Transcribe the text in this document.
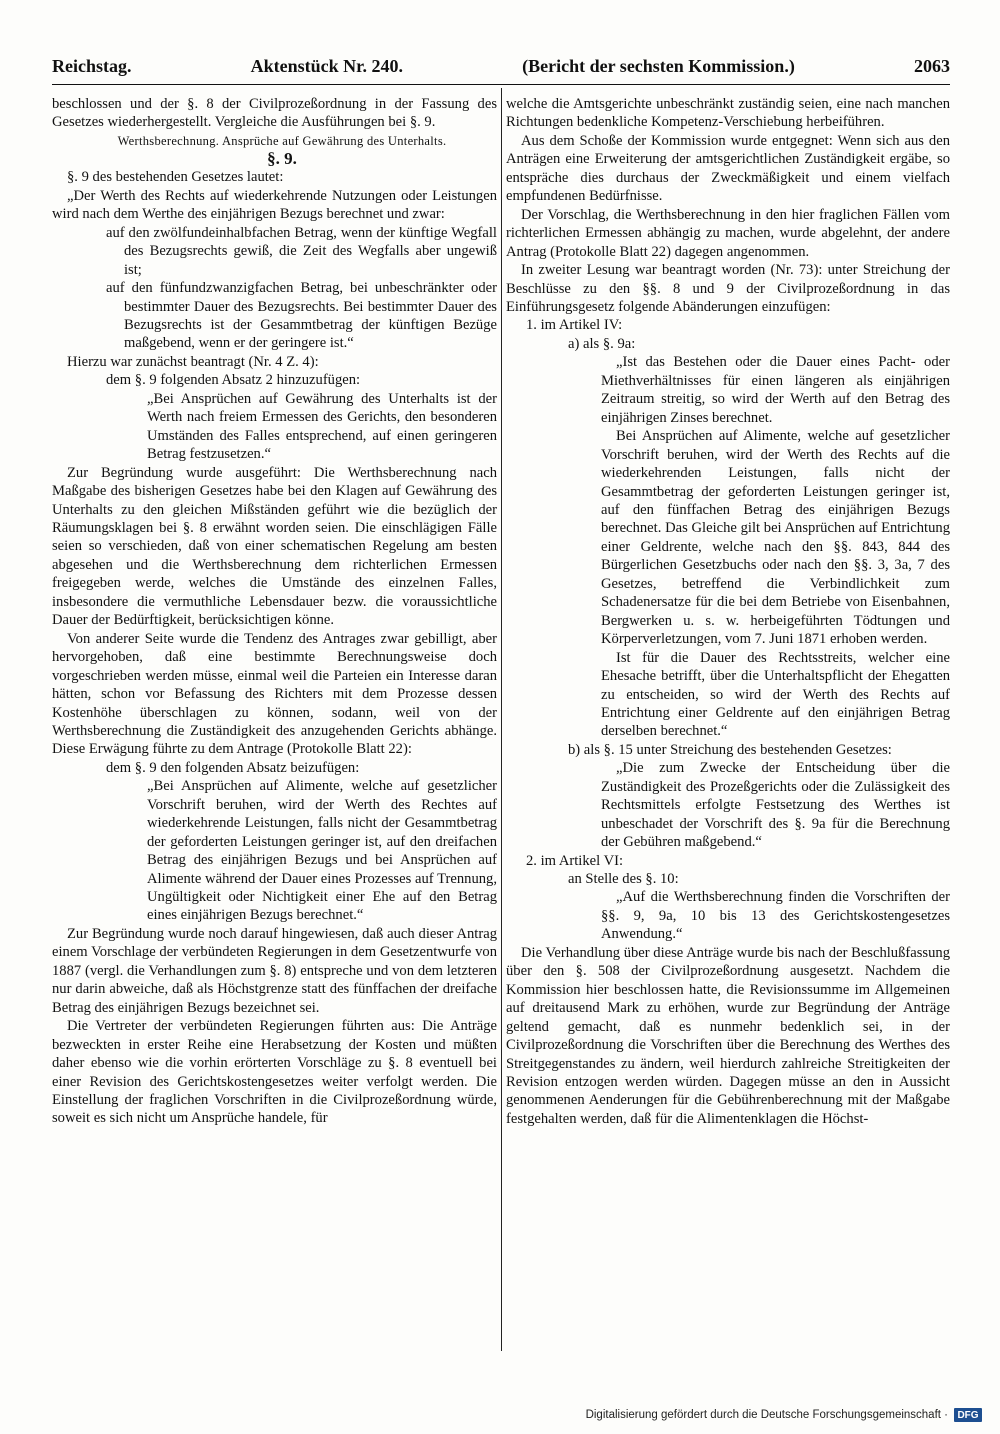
Reichstag.	Aktenstück Nr. 240.	(Bericht der sechsten Kommission.)	2063

beschlossen und der §. 8 der Civilprozeßordnung in der Fassung des Gesetzes wiederhergestellt. Vergleiche die Ausführungen bei §. 9.

Werthsberechnung. Ansprüche auf Gewährung des Unterhalts.

§. 9.

§. 9 des bestehenden Gesetzes lautet:

„Der Werth des Rechts auf wiederkehrende Nutzungen oder Leistungen wird nach dem Werthe des einjährigen Bezugs berechnet und zwar:

auf den zwölfundeinhalbfachen Betrag, wenn der künftige Wegfall des Bezugsrechts gewiß, die Zeit des Wegfalls aber ungewiß ist;

auf den fünfundzwanzigfachen Betrag, bei unbeschränkter oder bestimmter Dauer des Bezugsrechts. Bei bestimmter Dauer des Bezugsrechts ist der Gesammtbetrag der künftigen Bezüge maßgebend, wenn er der geringere ist.“

Hierzu war zunächst beantragt (Nr. 4 Z. 4):

dem §. 9 folgenden Absatz 2 hinzuzufügen:

„Bei Ansprüchen auf Gewährung des Unterhalts ist der Werth nach freiem Ermessen des Gerichts, den besonderen Umständen des Falles entsprechend, auf einen geringeren Betrag festzusetzen.“

Zur Begründung wurde ausgeführt: Die Werthsberechnung nach Maßgabe des bisherigen Gesetzes habe bei den Klagen auf Gewährung des Unterhalts zu den gleichen Mißständen geführt wie die bezüglich der Räumungsklagen bei §. 8 erwähnt worden seien. Die einschlägigen Fälle seien so verschieden, daß von einer schematischen Regelung am besten abgesehen und die Werthsberechnung dem richterlichen Ermessen freigegeben werde, welches die Umstände des einzelnen Falles, insbesondere die vermuthliche Lebensdauer bezw. die voraussichtliche Dauer der Bedürftigkeit, berücksichtigen könne.

Von anderer Seite wurde die Tendenz des Antrages zwar gebilligt, aber hervorgehoben, daß eine bestimmte Berechnungsweise doch vorgeschrieben werden müsse, einmal weil die Parteien ein Interesse daran hätten, schon vor Befassung des Richters mit dem Prozesse dessen Kostenhöhe überschlagen zu können, sodann, weil von der Werthsberechnung die Zuständigkeit des anzugehenden Gerichts abhänge. Diese Erwägung führte zu dem Antrage (Protokolle Blatt 22):

dem §. 9 den folgenden Absatz beizufügen:

„Bei Ansprüchen auf Alimente, welche auf gesetzlicher Vorschrift beruhen, wird der Werth des Rechtes auf wiederkehrende Leistungen, falls nicht der Gesammtbetrag der geforderten Leistungen geringer ist, auf den dreifachen Betrag des einjährigen Bezugs und bei Ansprüchen auf Alimente während der Dauer eines Prozesses auf Trennung, Ungültigkeit oder Nichtigkeit einer Ehe auf den Betrag eines einjährigen Bezugs berechnet.“

Zur Begründung wurde noch darauf hingewiesen, daß auch dieser Antrag einem Vorschlage der verbündeten Regierungen in dem Gesetzentwurfe von 1887 (vergl. die Verhandlungen zum §. 8) entspreche und von dem letzteren nur darin abweiche, daß als Höchstgrenze statt des fünffachen der dreifache Betrag des einjährigen Bezugs bezeichnet sei.

Die Vertreter der verbündeten Regierungen führten aus: Die Anträge bezweckten in erster Reihe eine Herabsetzung der Kosten und müßten daher ebenso wie die vorhin erörterten Vorschläge zu §. 8 eventuell bei einer Revision des Gerichtskostengesetzes weiter verfolgt werden. Die Einstellung der fraglichen Vorschriften in die Civilprozeßordnung würde, soweit es sich nicht um Ansprüche handele, für

welche die Amtsgerichte unbeschränkt zuständig seien, eine nach manchen Richtungen bedenkliche Kompetenz-Verschiebung herbeiführen.

Aus dem Schoße der Kommission wurde entgegnet: Wenn sich aus den Anträgen eine Erweiterung der amtsgerichtlichen Zuständigkeit ergäbe, so entspräche dies durchaus der Zweckmäßigkeit und einem vielfach empfundenen Bedürfnisse.

Der Vorschlag, die Werthsberechnung in den hier fraglichen Fällen vom richterlichen Ermessen abhängig zu machen, wurde abgelehnt, der andere Antrag (Protokolle Blatt 22) dagegen angenommen.

In zweiter Lesung war beantragt worden (Nr. 73): unter Streichung der Beschlüsse zu den §§. 8 und 9 der Civilprozeßordnung in das Einführungsgesetz folgende Abänderungen einzufügen:

1. im Artikel IV:

a) als §. 9a:

„Ist das Bestehen oder die Dauer eines Pacht- oder Miethverhältnisses für einen längeren als einjährigen Zeitraum streitig, so wird der Werth auf den Betrag des einjährigen Zinses berechnet.

Bei Ansprüchen auf Alimente, welche auf gesetzlicher Vorschrift beruhen, wird der Werth des Rechts auf die wiederkehrenden Leistungen, falls nicht der Gesammtbetrag der geforderten Leistungen geringer ist, auf den fünffachen Betrag des einjährigen Bezugs berechnet. Das Gleiche gilt bei Ansprüchen auf Entrichtung einer Geldrente, welche nach den §§. 843, 844 des Bürgerlichen Gesetzbuchs oder nach den §§. 3, 3a, 7 des Gesetzes, betreffend die Verbindlichkeit zum Schadenersatze für die bei dem Betriebe von Eisenbahnen, Bergwerken u. s. w. herbeigeführten Tödtungen und Körperverletzungen, vom 7. Juni 1871 erhoben werden.

Ist für die Dauer des Rechtsstreits, welcher eine Ehesache betrifft, über die Unterhaltspflicht der Ehegatten zu entscheiden, so wird der Werth des Rechts auf Entrichtung einer Geldrente auf den einjährigen Betrag derselben berechnet.“

b) als §. 15 unter Streichung des bestehenden Gesetzes:

„Die zum Zwecke der Entscheidung über die Zuständigkeit des Prozeßgerichts oder die Zulässigkeit des Rechtsmittels erfolgte Festsetzung des Werthes ist unbeschadet der Vorschrift des §. 9a für die Berechnung der Gebühren maßgebend.“

2. im Artikel VI:

an Stelle des §. 10:

„Auf die Werthsberechnung finden die Vorschriften der §§. 9, 9a, 10 bis 13 des Gerichtskostengesetzes Anwendung.“

Die Verhandlung über diese Anträge wurde bis nach der Beschlußfassung über den §. 508 der Civilprozeßordnung ausgesetzt. Nachdem die Kommission hier beschlossen hatte, die Revisionssumme im Allgemeinen auf dreitausend Mark zu erhöhen, wurde zur Begründung der Anträge geltend gemacht, daß es nunmehr bedenklich sei, in der Civilprozeßordnung die Vorschriften über die Berechnung des Werthes des Streitgegenstandes zu ändern, weil hierdurch zahlreiche Streitigkeiten der Revision entzogen werden würden. Dagegen müsse an den in Aussicht genommenen Aenderungen für die Gebührenberechnung mit der Maßgabe festgehalten werden, daß für die Alimentenklagen die Höchst-

Digitalisierung gefördert durch die Deutsche Forschungsgemeinschaft · DFG
